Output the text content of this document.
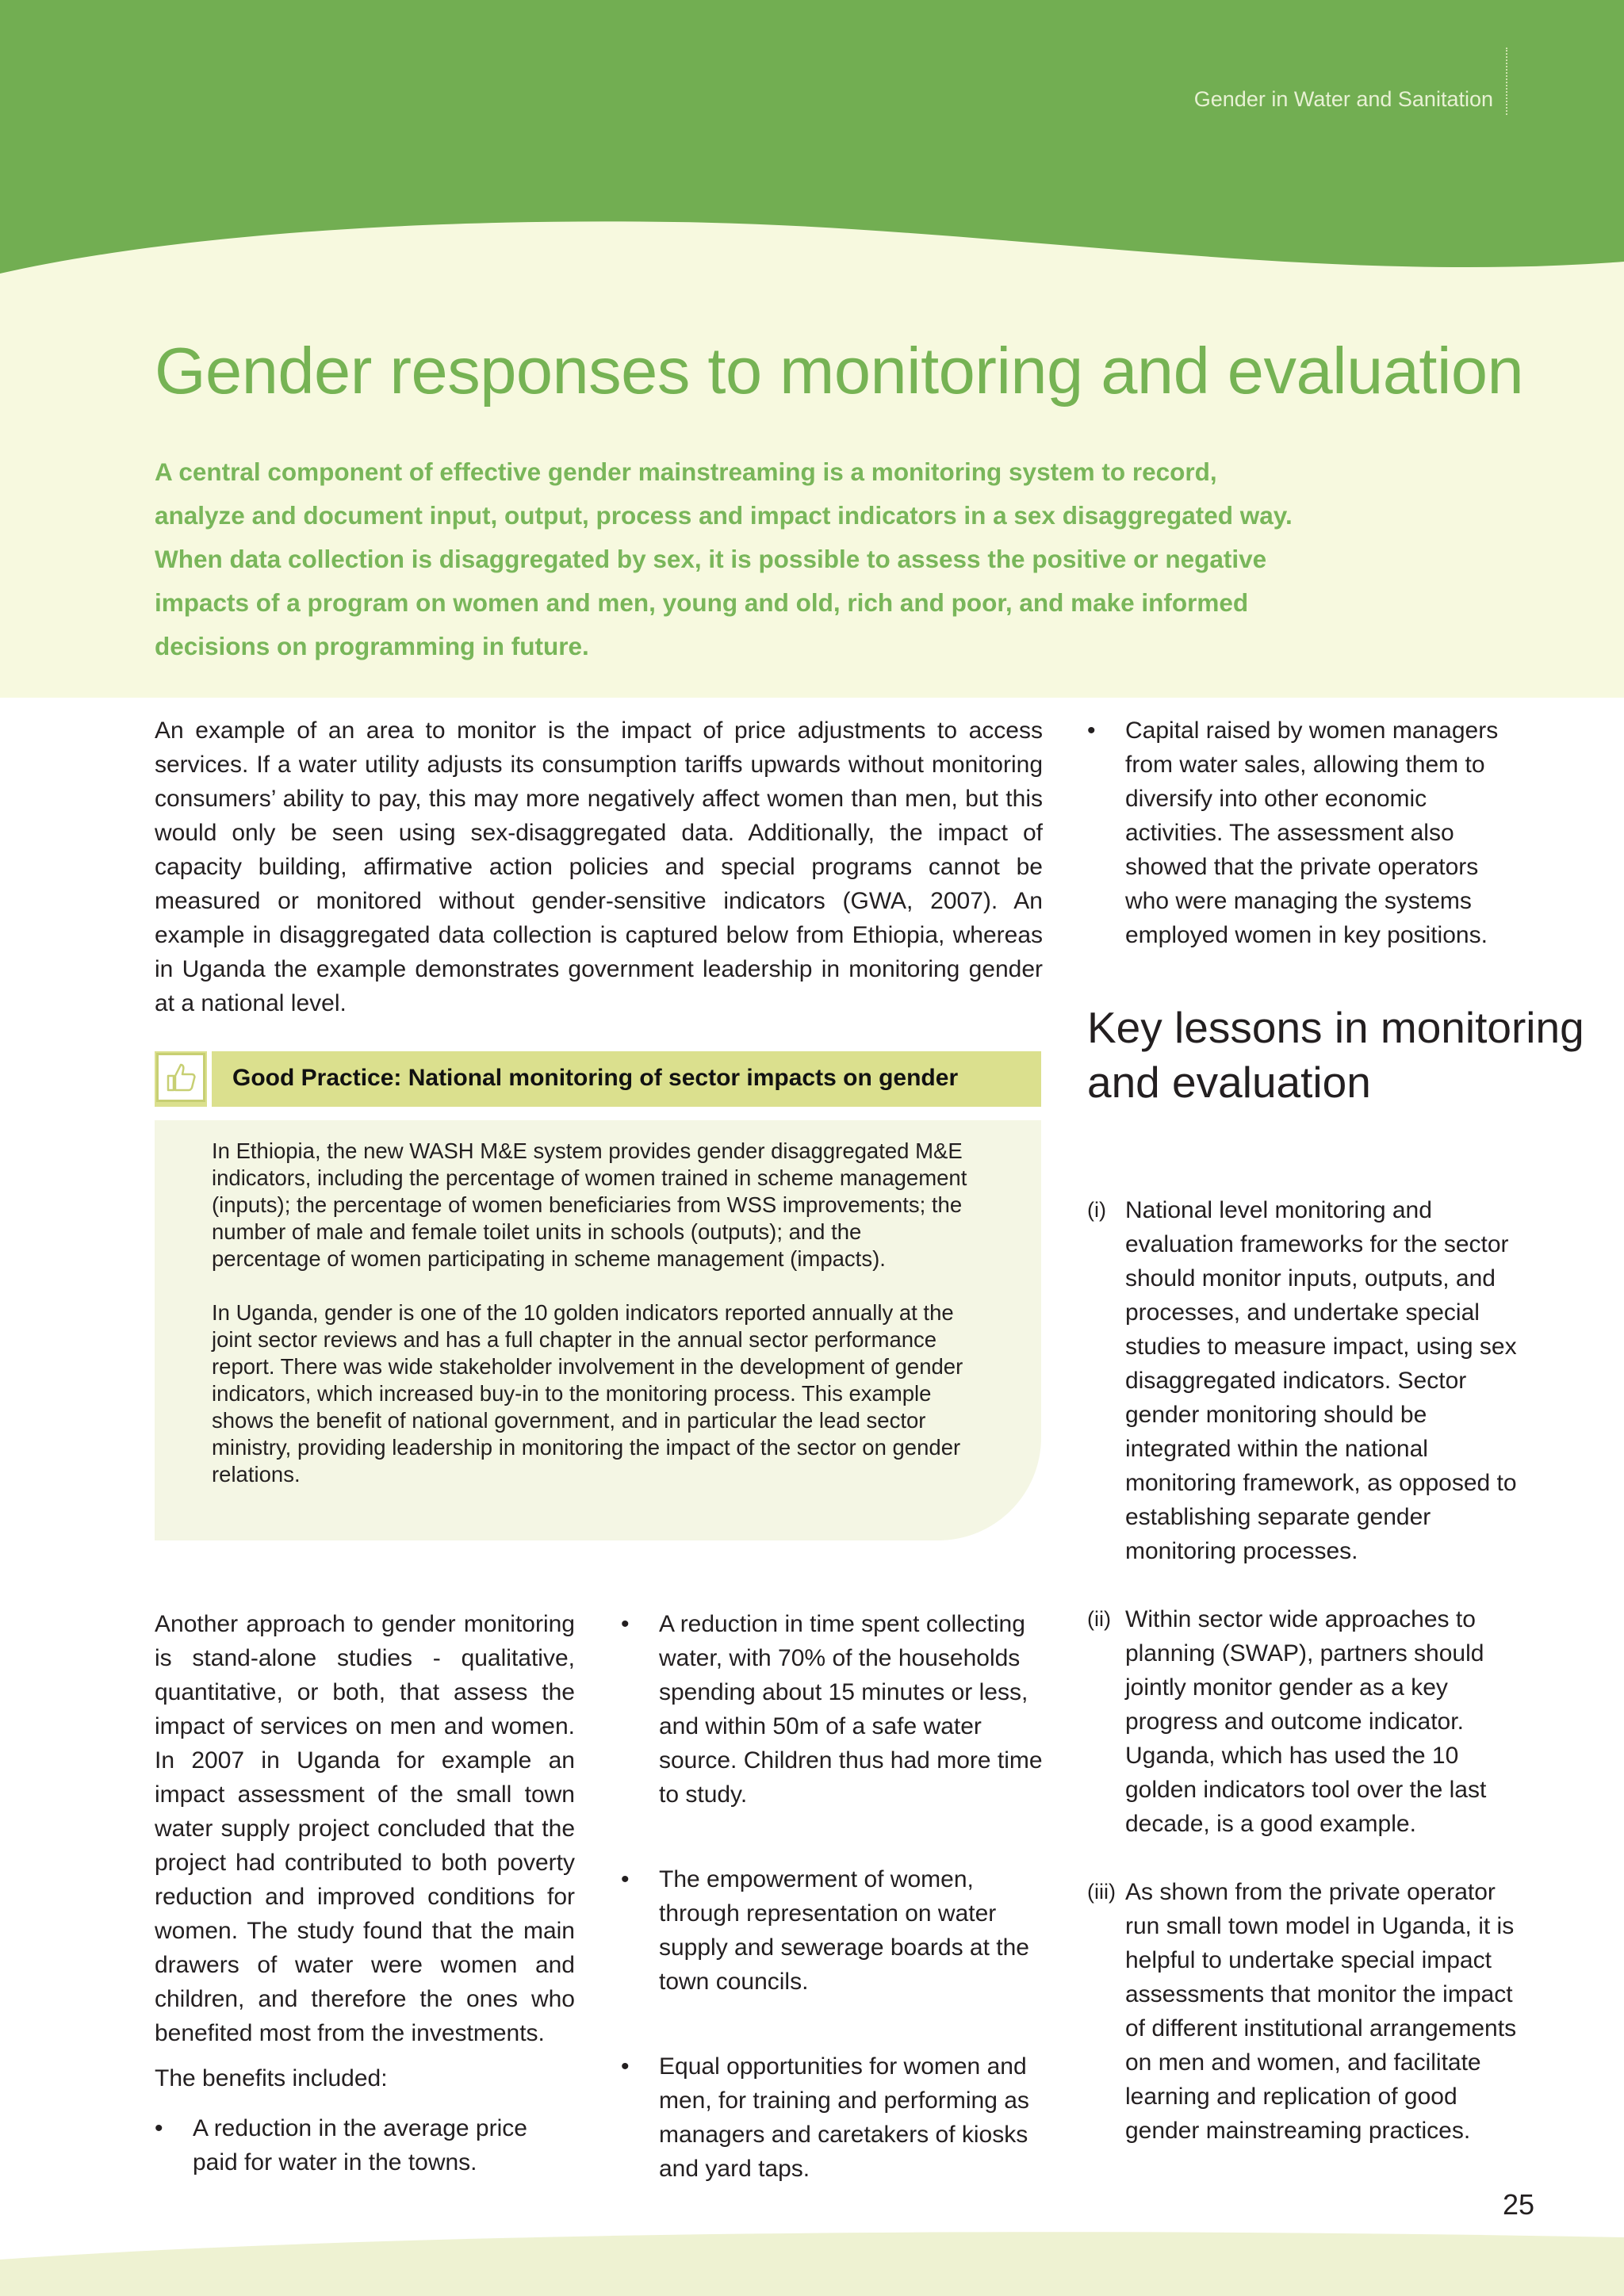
Gender in Water and Sanitation
Gender responses to monitoring and evaluation

A central component of effective gender mainstreaming is a monitoring system to record, analyze and document input, output, process and impact indicators in a sex disaggregated way. When data collection is disaggregated by sex, it is possible to assess the positive or negative impacts of a program on women and men, young and old, rich and poor, and make informed decisions on programming in future.

An example of an area to monitor is the impact of price adjustments to access services. If a water utility adjusts its consumption tariffs upwards without monitoring consumers’ ability to pay, this may more negatively affect women than men, but this would only be seen using sex-disaggregated data. Additionally, the impact of capacity building, affirmative action policies and special programs cannot be measured or monitored without gender-sensitive indicators (GWA, 2007). An example in disaggregated data collection is captured below from Ethiopia, whereas in Uganda the example demonstrates government leadership in monitoring gender at a national level.

Good Practice: National monitoring of sector impacts on gender

In Ethiopia, the new WASH M&E system provides gender disaggregated M&E indicators, including the percentage of women trained in scheme management (inputs); the percentage of women beneficiaries from WSS improvements; the number of male and female toilet units in schools (outputs); and the percentage of women participating in scheme management (impacts).

In Uganda, gender is one of the 10 golden indicators reported annually at the joint sector reviews and has a full chapter in the annual sector performance report. There was wide stakeholder involvement in the development of gender indicators, which increased buy-in to the monitoring process. This example shows the benefit of national government, and in particular the lead sector ministry, providing leadership in monitoring the impact of the sector on gender relations.

Another approach to gender monitoring is stand-alone studies - qualitative, quantitative, or both, that assess the impact of services on men and women. In 2007 in Uganda for example an impact assessment of the small town water supply project concluded that the project had contributed to both poverty reduction and improved conditions for women. The study found that the main drawers of water were women and children, and therefore the ones who benefited most from the investments.

The benefits included:

• A reduction in the average price paid for water in the towns.
• A reduction in time spent collecting water, with 70% of the households spending about 15 minutes or less, and within 50m of a safe water source. Children thus had more time to study.
• The empowerment of women, through representation on water supply and sewerage boards at the town councils.
• Equal opportunities for women and men, for training and performing as managers and caretakers of kiosks and yard taps.
• Capital raised by women managers from water sales, allowing them to diversify into other economic activities. The assessment also showed that the private operators who were managing the systems employed women in key positions.
Key lessons in monitoring and evaluation
(i) National level monitoring and evaluation frameworks for the sector should monitor inputs, outputs, and processes, and undertake special studies to measure impact, using sex disaggregated indicators. Sector gender monitoring should be integrated within the national monitoring framework, as opposed to establishing separate gender monitoring processes.
(ii) Within sector wide approaches to planning (SWAP), partners should jointly monitor gender as a key progress and outcome indicator. Uganda, which has used the 10 golden indicators tool over the last decade, is a good example.
(iii) As shown from the private operator run small town model in Uganda, it is helpful to undertake special impact assessments that monitor the impact of different institutional arrangements on men and women, and facilitate learning and replication of good gender mainstreaming practices.
25
